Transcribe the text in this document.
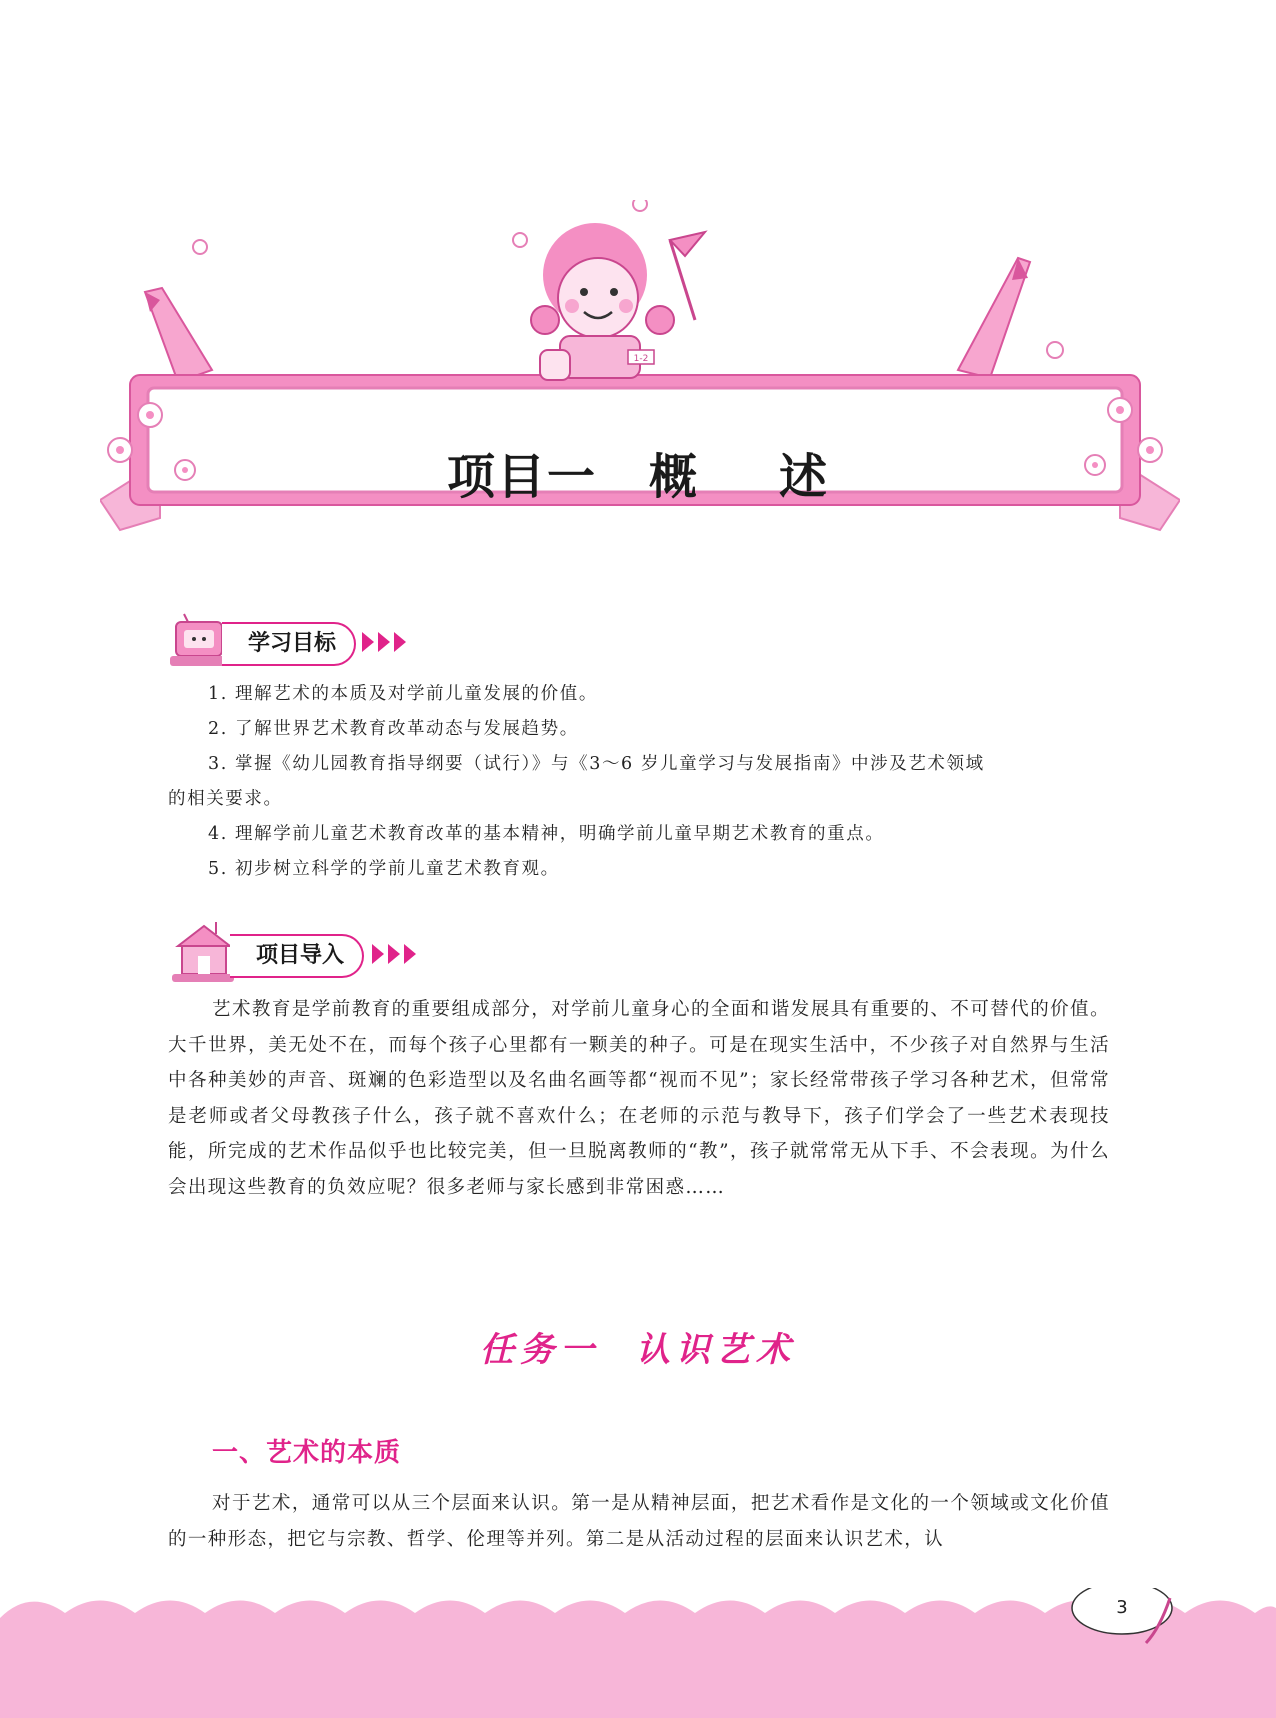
1-2
项目一 概 述
学习目标
1. 理解艺术的本质及对学前儿童发展的价值。
2. 了解世界艺术教育改革动态与发展趋势。
3. 掌握《幼儿园教育指导纲要（试行）》与《3～6 岁儿童学习与发展指南》中涉及艺术领域
的相关要求。
4. 理解学前儿童艺术教育改革的基本精神，明确学前儿童早期艺术教育的重点。
5. 初步树立科学的学前儿童艺术教育观。
项目导入
艺术教育是学前教育的重要组成部分，对学前儿童身心的全面和谐发展具有重要的、不可替代的价值。大千世界，美无处不在，而每个孩子心里都有一颗美的种子。可是在现实生活中，不少孩子对自然界与生活中各种美妙的声音、斑斓的色彩造型以及名曲名画等都“视而不见”；家长经常带孩子学习各种艺术，但常常是老师或者父母教孩子什么，孩子就不喜欢什么；在老师的示范与教导下，孩子们学会了一些艺术表现技能，所完成的艺术作品似乎也比较完美，但一旦脱离教师的“教”，孩子就常常无从下手、不会表现。为什么会出现这些教育的负效应呢？很多老师与家长感到非常困惑……
任务一 认识艺术
一、艺术的本质
对于艺术，通常可以从三个层面来认识。第一是从精神层面，把艺术看作是文化的一个领域或文化价值的一种形态，把它与宗教、哲学、伦理等并列。第二是从活动过程的层面来认识艺术，认
3
